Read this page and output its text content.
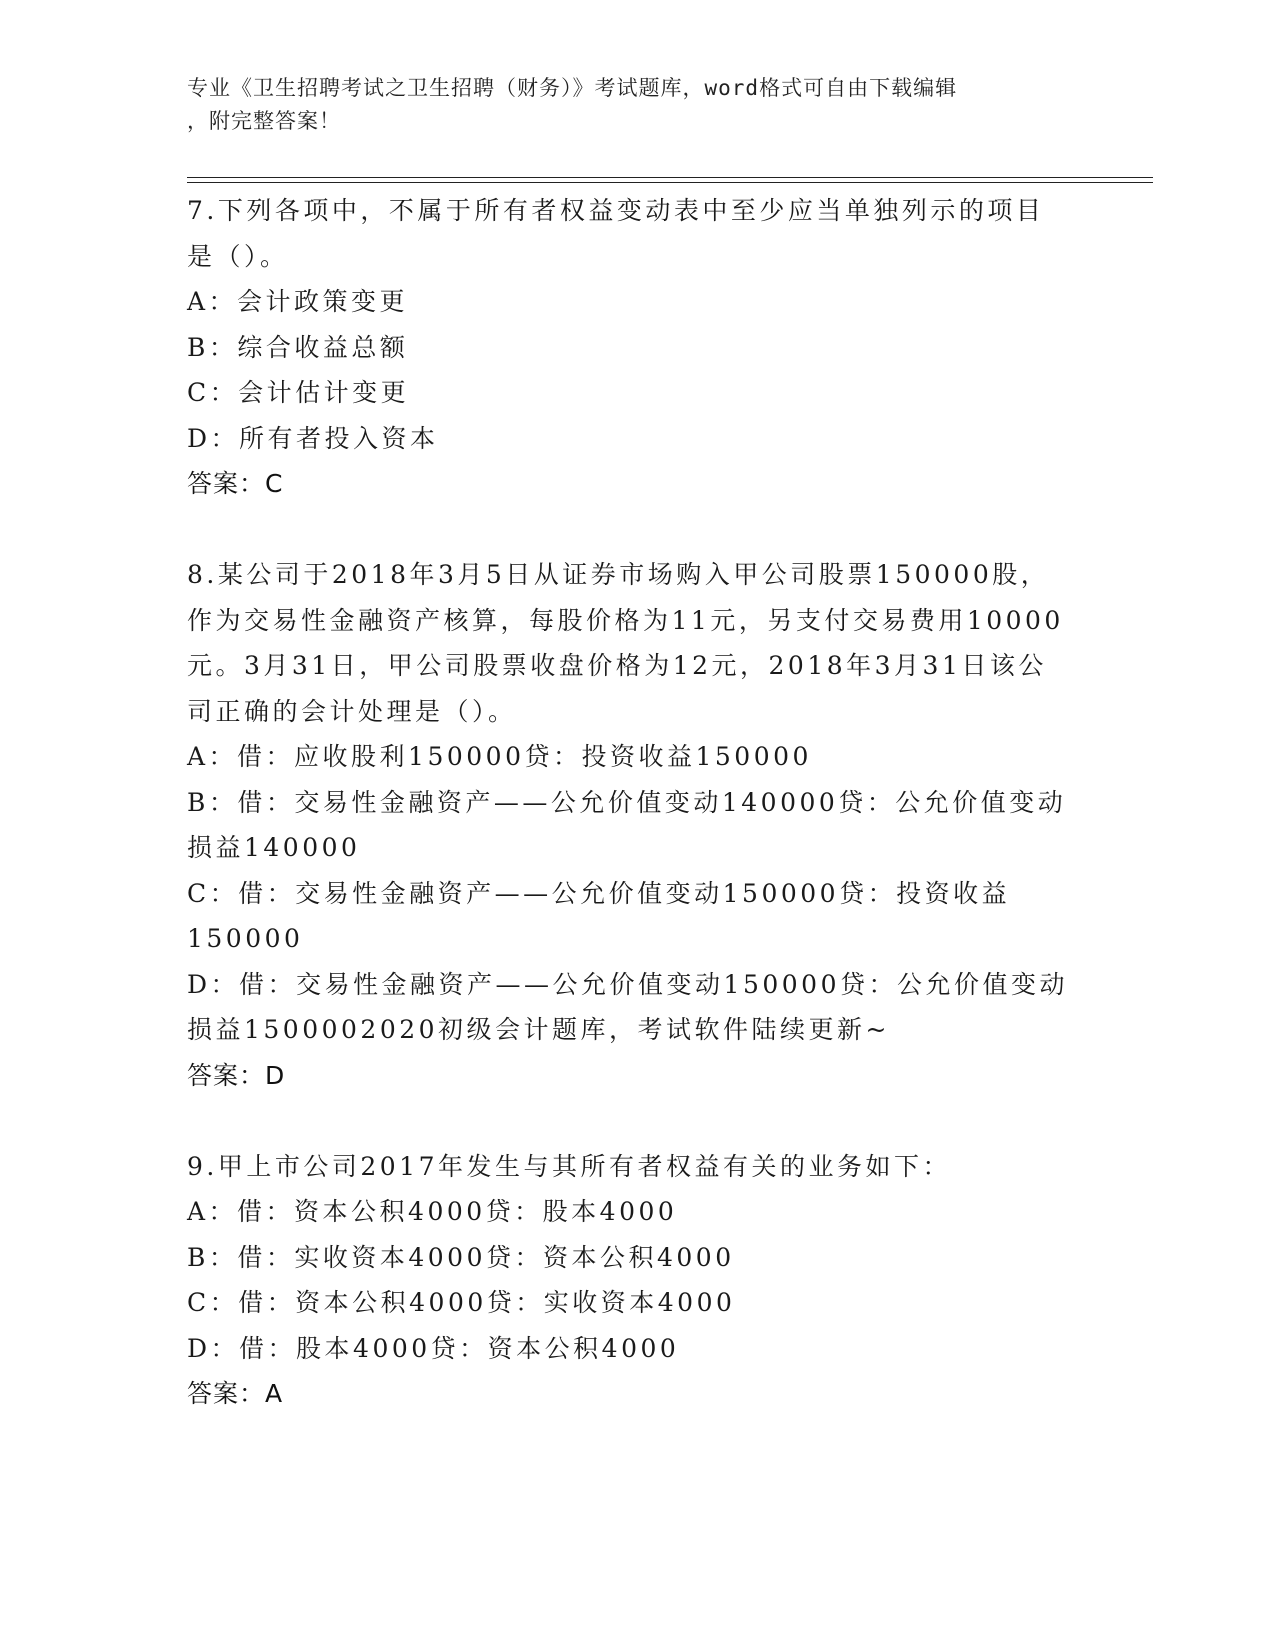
专业《卫生招聘考试之卫生招聘（财务）》考试题库，word格式可自由下载编辑
，附完整答案！
7.下列各项中，不属于所有者权益变动表中至少应当单独列示的项目
是（）。
A：会计政策变更
B：综合收益总额
C：会计估计变更
D：所有者投入资本
答案：C
8.某公司于2018年3月5日从证券市场购入甲公司股票150000股，
作为交易性金融资产核算，每股价格为11元，另支付交易费用10000
元。3月31日，甲公司股票收盘价格为12元，2018年3月31日该公
司正确的会计处理是（）。
A：借：应收股利150000贷：投资收益150000
B：借：交易性金融资产——公允价值变动140000贷：公允价值变动
损益140000
C：借：交易性金融资产——公允价值变动150000贷：投资收益
150000
D：借：交易性金融资产——公允价值变动150000贷：公允价值变动
损益1500002020初级会计题库，考试软件陆续更新~
答案：D
9.甲上市公司2017年发生与其所有者权益有关的业务如下：
A：借：资本公积4000贷：股本4000
B：借：实收资本4000贷：资本公积4000
C：借：资本公积4000贷：实收资本4000
D：借：股本4000贷：资本公积4000
答案：A
